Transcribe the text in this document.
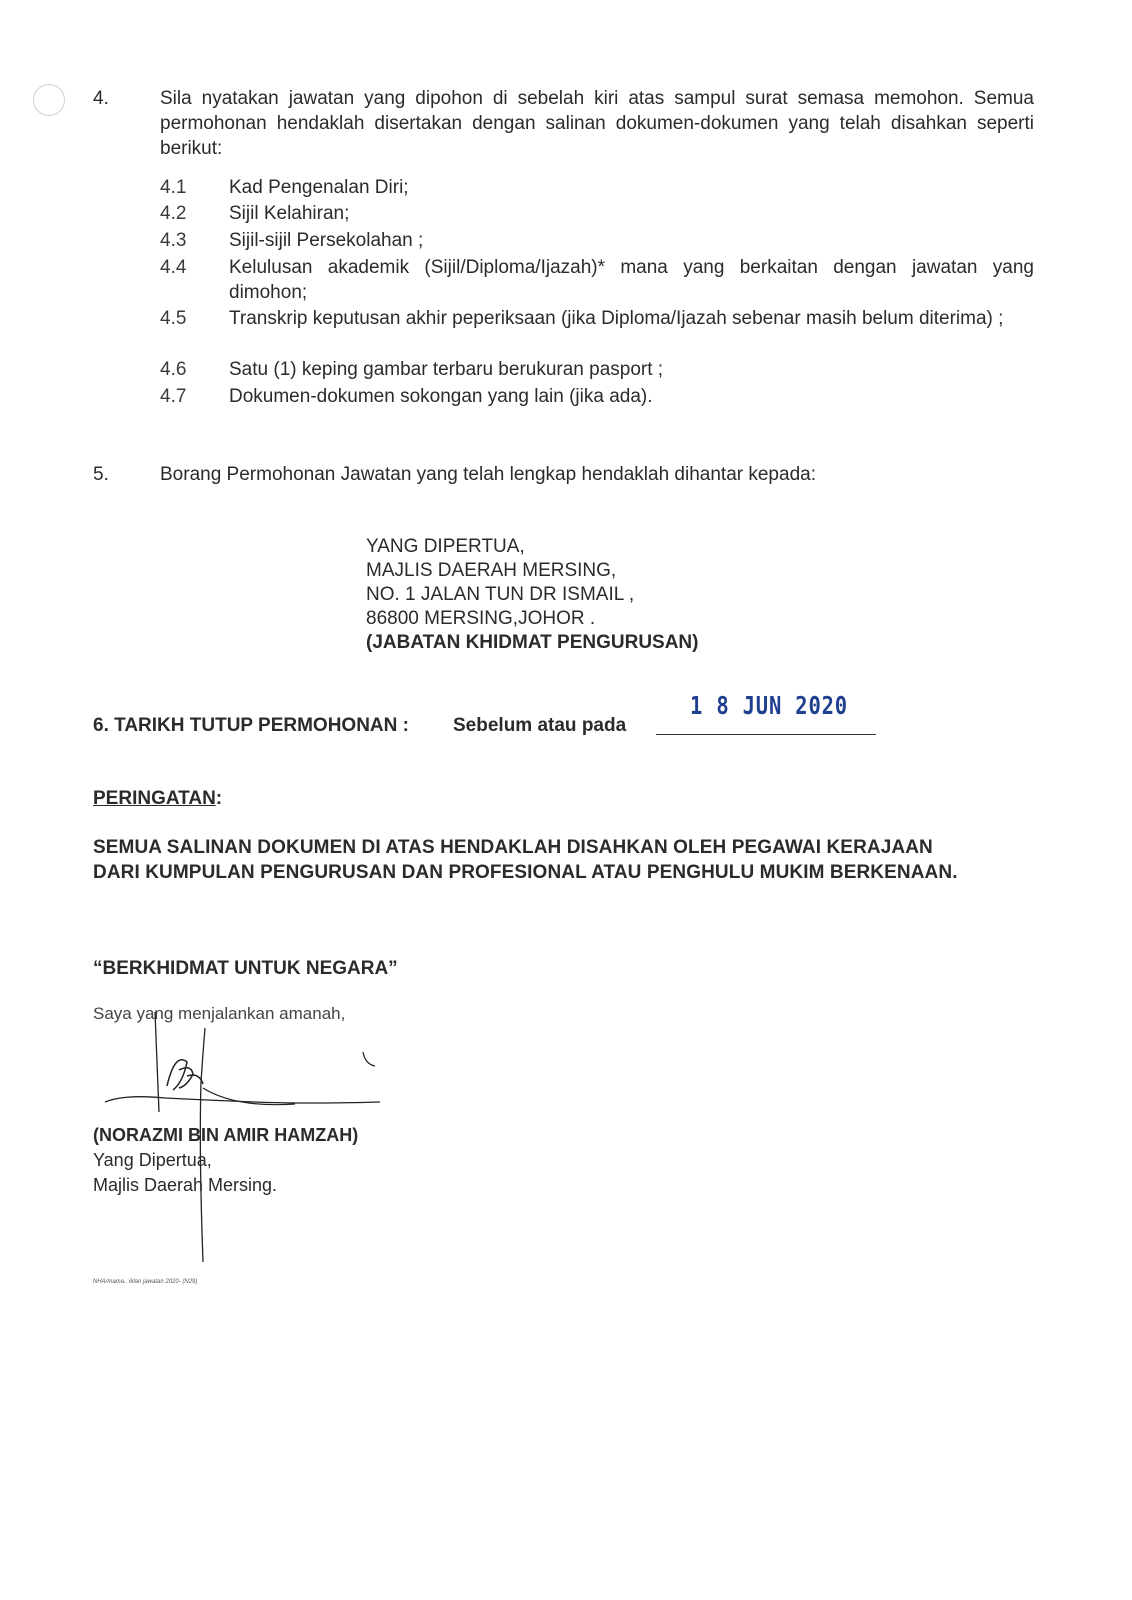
4.	Sila nyatakan jawatan yang dipohon di sebelah kiri atas sampul surat semasa memohon. Semua permohonan hendaklah disertakan dengan salinan dokumen-dokumen yang telah disahkan seperti berikut:
4.1	Kad Pengenalan Diri;
4.2	Sijil Kelahiran;
4.3	Sijil-sijil Persekolahan ;
4.4	Kelulusan akademik (Sijil/Diploma/Ijazah)* mana yang berkaitan dengan jawatan yang dimohon;
4.5	Transkrip keputusan akhir peperiksaan (jika Diploma/Ijazah sebenar masih belum diterima) ;
4.6	Satu (1) keping gambar terbaru berukuran pasport ;
4.7	Dokumen-dokumen sokongan yang lain (jika ada).
5.	Borang Permohonan Jawatan yang telah lengkap hendaklah dihantar kepada:
YANG DIPERTUA,
MAJLIS DAERAH MERSING,
NO. 1 JALAN TUN DR ISMAIL ,
86800 MERSING,JOHOR .
(JABATAN KHIDMAT PENGURUSAN)
6. TARIKH TUTUP PERMOHONAN : Sebelum atau pada
1 8 JUN 2020
PERINGATAN:
SEMUA SALINAN DOKUMEN DI ATAS HENDAKLAH DISAHKAN OLEH PEGAWAI KERAJAAN
DARI KUMPULAN PENGURUSAN DAN PROFESIONAL ATAU PENGHULU MUKIM BERKENAAN.
“BERKHIDMAT UNTUK NEGARA”
Saya yang menjalankan amanah,
(NORAZMI BIN AMIR HAMZAH)
Yang Dipertua,
Majlis Daerah Mersing.
NHA/mama.. iklan jawatan 2020- (N29)
